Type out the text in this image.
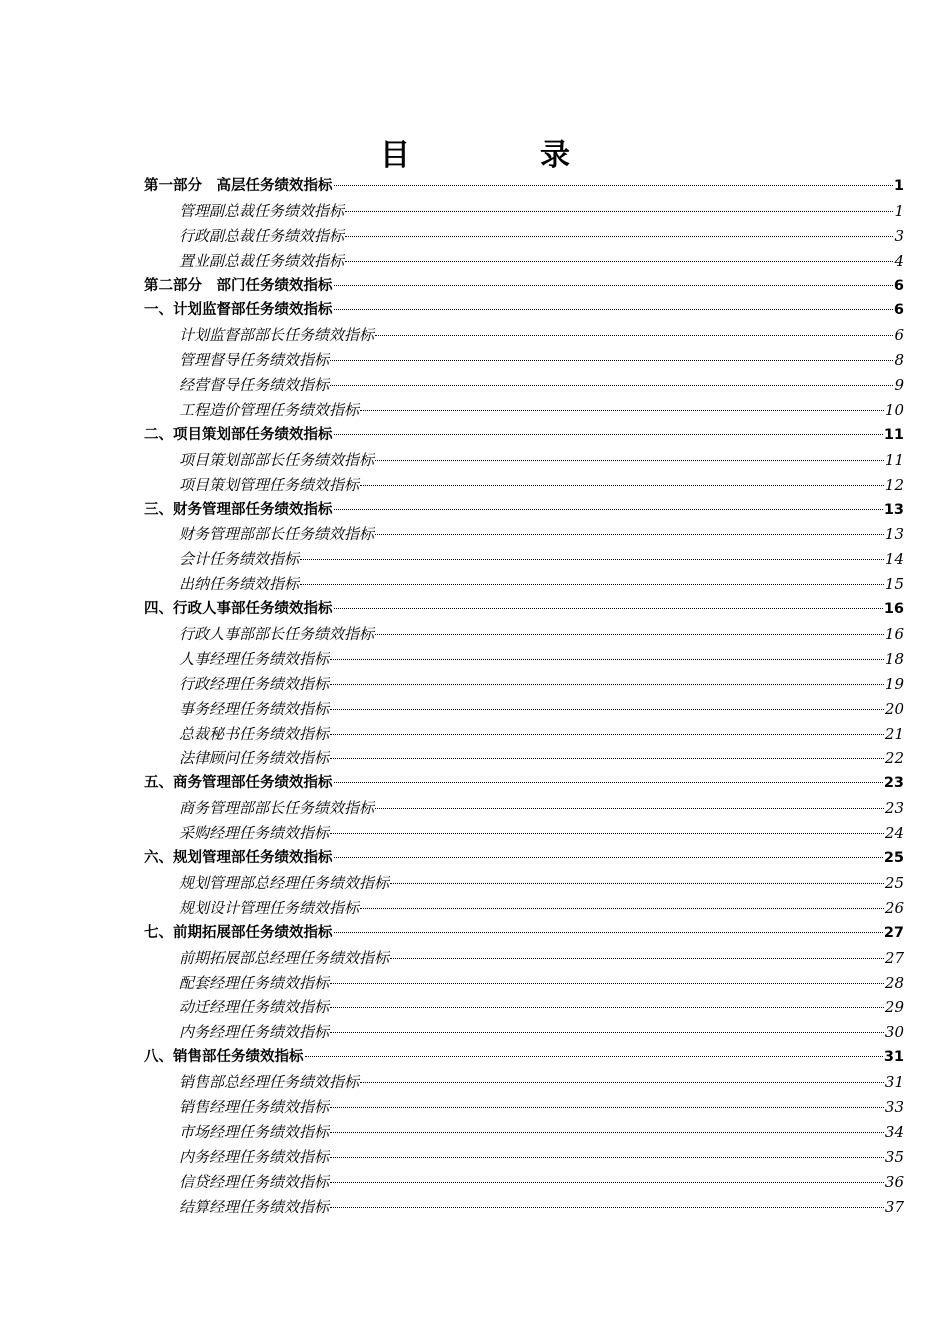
目　录
第一部分　高层任务绩效指标	1
管理副总裁任务绩效指标	1
行政副总裁任务绩效指标	3
置业副总裁任务绩效指标	4
第二部分　部门任务绩效指标	6
一、计划监督部任务绩效指标	6
计划监督部部长任务绩效指标	6
管理督导任务绩效指标	8
经营督导任务绩效指标	9
工程造价管理任务绩效指标	10
二、项目策划部任务绩效指标	11
项目策划部部长任务绩效指标	11
项目策划管理任务绩效指标	12
三、财务管理部任务绩效指标	13
财务管理部部长任务绩效指标	13
会计任务绩效指标	14
出纳任务绩效指标	15
四、行政人事部任务绩效指标	16
行政人事部部长任务绩效指标	16
人事经理任务绩效指标	18
行政经理任务绩效指标	19
事务经理任务绩效指标	20
总裁秘书任务绩效指标	21
法律顾问任务绩效指标	22
五、商务管理部任务绩效指标	23
商务管理部部长任务绩效指标	23
采购经理任务绩效指标	24
六、规划管理部任务绩效指标	25
规划管理部总经理任务绩效指标	25
规划设计管理任务绩效指标	26
七、前期拓展部任务绩效指标	27
前期拓展部总经理任务绩效指标	27
配套经理任务绩效指标	28
动迁经理任务绩效指标	29
内务经理任务绩效指标	30
八、销售部任务绩效指标	31
销售部总经理任务绩效指标	31
销售经理任务绩效指标	33
市场经理任务绩效指标	34
内务经理任务绩效指标	35
信贷经理任务绩效指标	36
结算经理任务绩效指标	37
